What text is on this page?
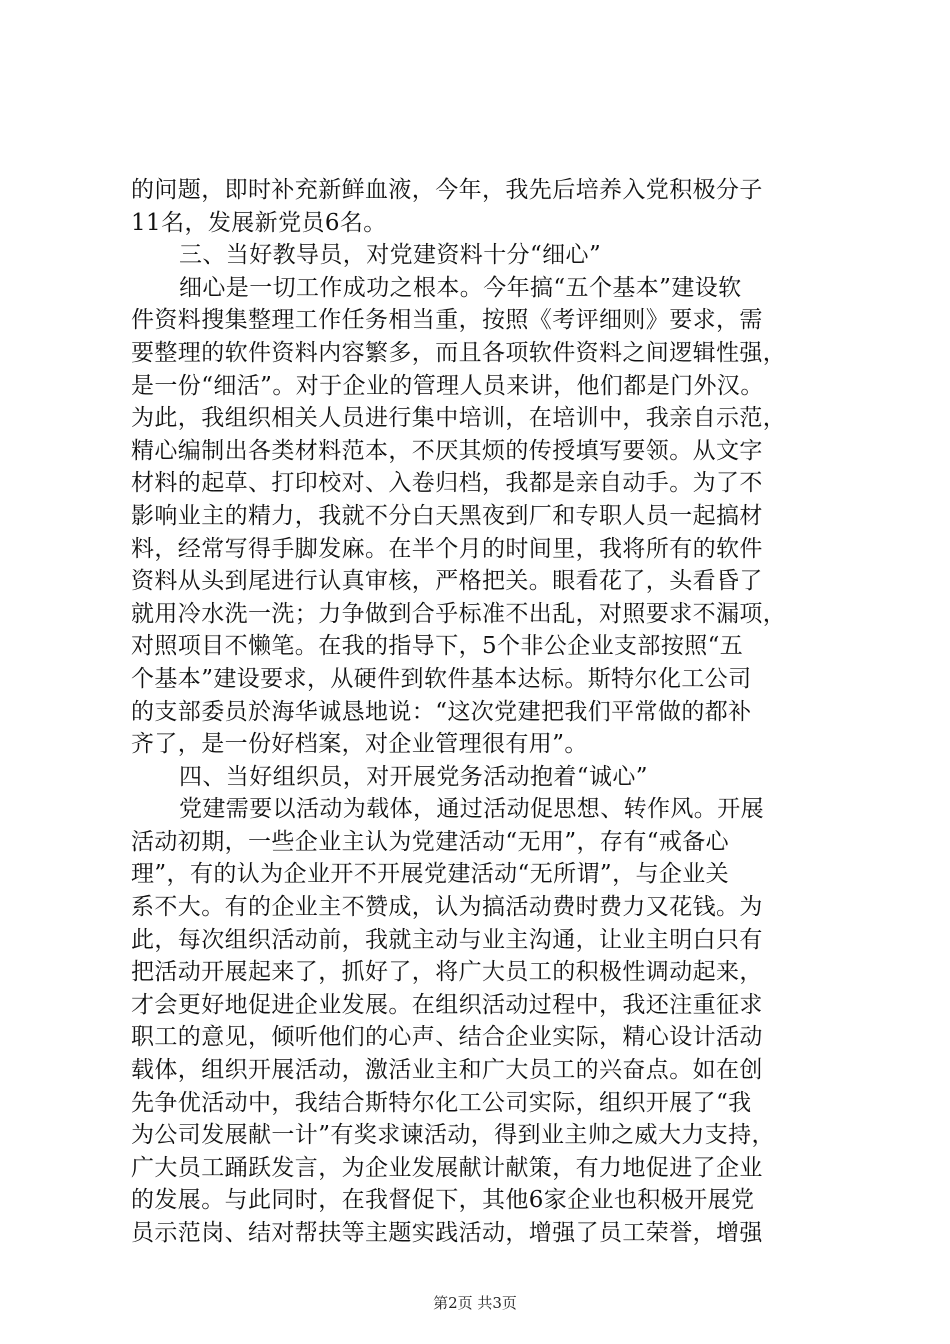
的问题，即时补充新鲜血液，今年，我先后培养入党积极分子
11名，发展新党员6名。
三、当好教导员，对党建资料十分“细心”
细心是一切工作成功之根本。今年搞“五个基本”建设软
件资料搜集整理工作任务相当重，按照《考评细则》要求，需
要整理的软件资料内容繁多，而且各项软件资料之间逻辑性强，
是一份“细活”。对于企业的管理人员来讲，他们都是门外汉。
为此，我组织相关人员进行集中培训，在培训中，我亲自示范，
精心编制出各类材料范本，不厌其烦的传授填写要领。从文字
材料的起草、打印校对、入卷归档，我都是亲自动手。为了不
影响业主的精力，我就不分白天黑夜到厂和专职人员一起搞材
料，经常写得手脚发麻。在半个月的时间里，我将所有的软件
资料从头到尾进行认真审核，严格把关。眼看花了，头看昏了
就用冷水洗一洗；力争做到合乎标准不出乱，对照要求不漏项，
对照项目不懒笔。在我的指导下，5个非公企业支部按照“五
个基本”建设要求，从硬件到软件基本达标。斯特尔化工公司
的支部委员於海华诚恳地说：“这次党建把我们平常做的都补
齐了，是一份好档案，对企业管理很有用”。
四、当好组织员，对开展党务活动抱着“诚心”
党建需要以活动为载体，通过活动促思想、转作风。开展
活动初期，一些企业主认为党建活动“无用”，存有“戒备心
理”，有的认为企业开不开展党建活动“无所谓”，与企业关
系不大。有的企业主不赞成，认为搞活动费时费力又花钱。为
此，每次组织活动前，我就主动与业主沟通，让业主明白只有
把活动开展起来了，抓好了，将广大员工的积极性调动起来，
才会更好地促进企业发展。在组织活动过程中，我还注重征求
职工的意见，倾听他们的心声、结合企业实际，精心设计活动
载体，组织开展活动，激活业主和广大员工的兴奋点。如在创
先争优活动中，我结合斯特尔化工公司实际，组织开展了“我
为公司发展献一计”有奖求谏活动，得到业主帅之威大力支持，
广大员工踊跃发言，为企业发展献计献策，有力地促进了企业
的发展。与此同时，在我督促下，其他6家企业也积极开展党
员示范岗、结对帮扶等主题实践活动，增强了员工荣誉，增强
第2页 共3页
